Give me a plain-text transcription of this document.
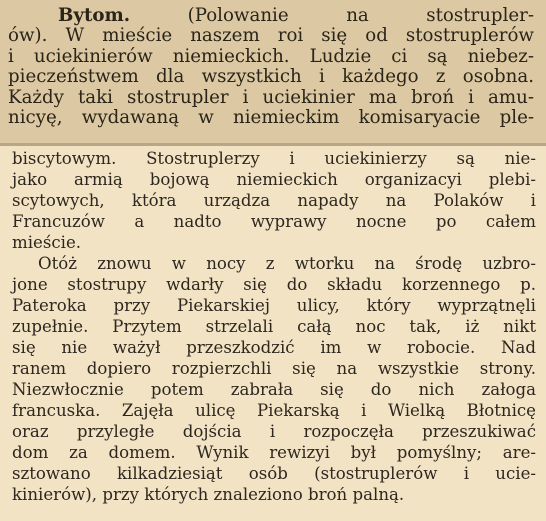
Bytom.	(Polowanie na stostrupler-
ów). W mieście naszem roi się od stostruplerów
i uciekinierów niemieckich. Ludzie ci są niebez-
pieczeństwem dla wszystkich i każdego z osobna.
Każdy taki stostrupler i uciekinier ma broń i amu-
nicyę, wydawaną w niemieckim komisaryacie ple-
biscytowym. Stostruplerzy i uciekinierzy są nie-
jako armią bojową niemieckich organizacyi plebi-
scytowych, która urządza napady na Polaków i
Francuzów a nadto wyprawy nocne po całem
mieście.
Otóż znowu w nocy z wtorku na środę uzbro-
jone stostrupy wdarły się do składu korzennego p.
Pateroka przy Piekarskiej ulicy, który wyprzątnęli
zupełnie. Przytem strzelali całą noc tak, iż nikt
się nie ważył przeszkodzić im w robocie. Nad
ranem dopiero rozpierzchli się na wszystkie strony.
Niezwłocznie potem zabrała się do nich załoga
francuska. Zajęła ulicę Piekarską i Wielką Błotnicę
oraz przyległe dojścia i rozpoczęła przeszukiwać
dom za domem. Wynik rewizyi był pomyślny; are-
sztowano kilkadziesiąt osób (stostruplerów i ucie-
kinierów), przy których znaleziono broń palną.
